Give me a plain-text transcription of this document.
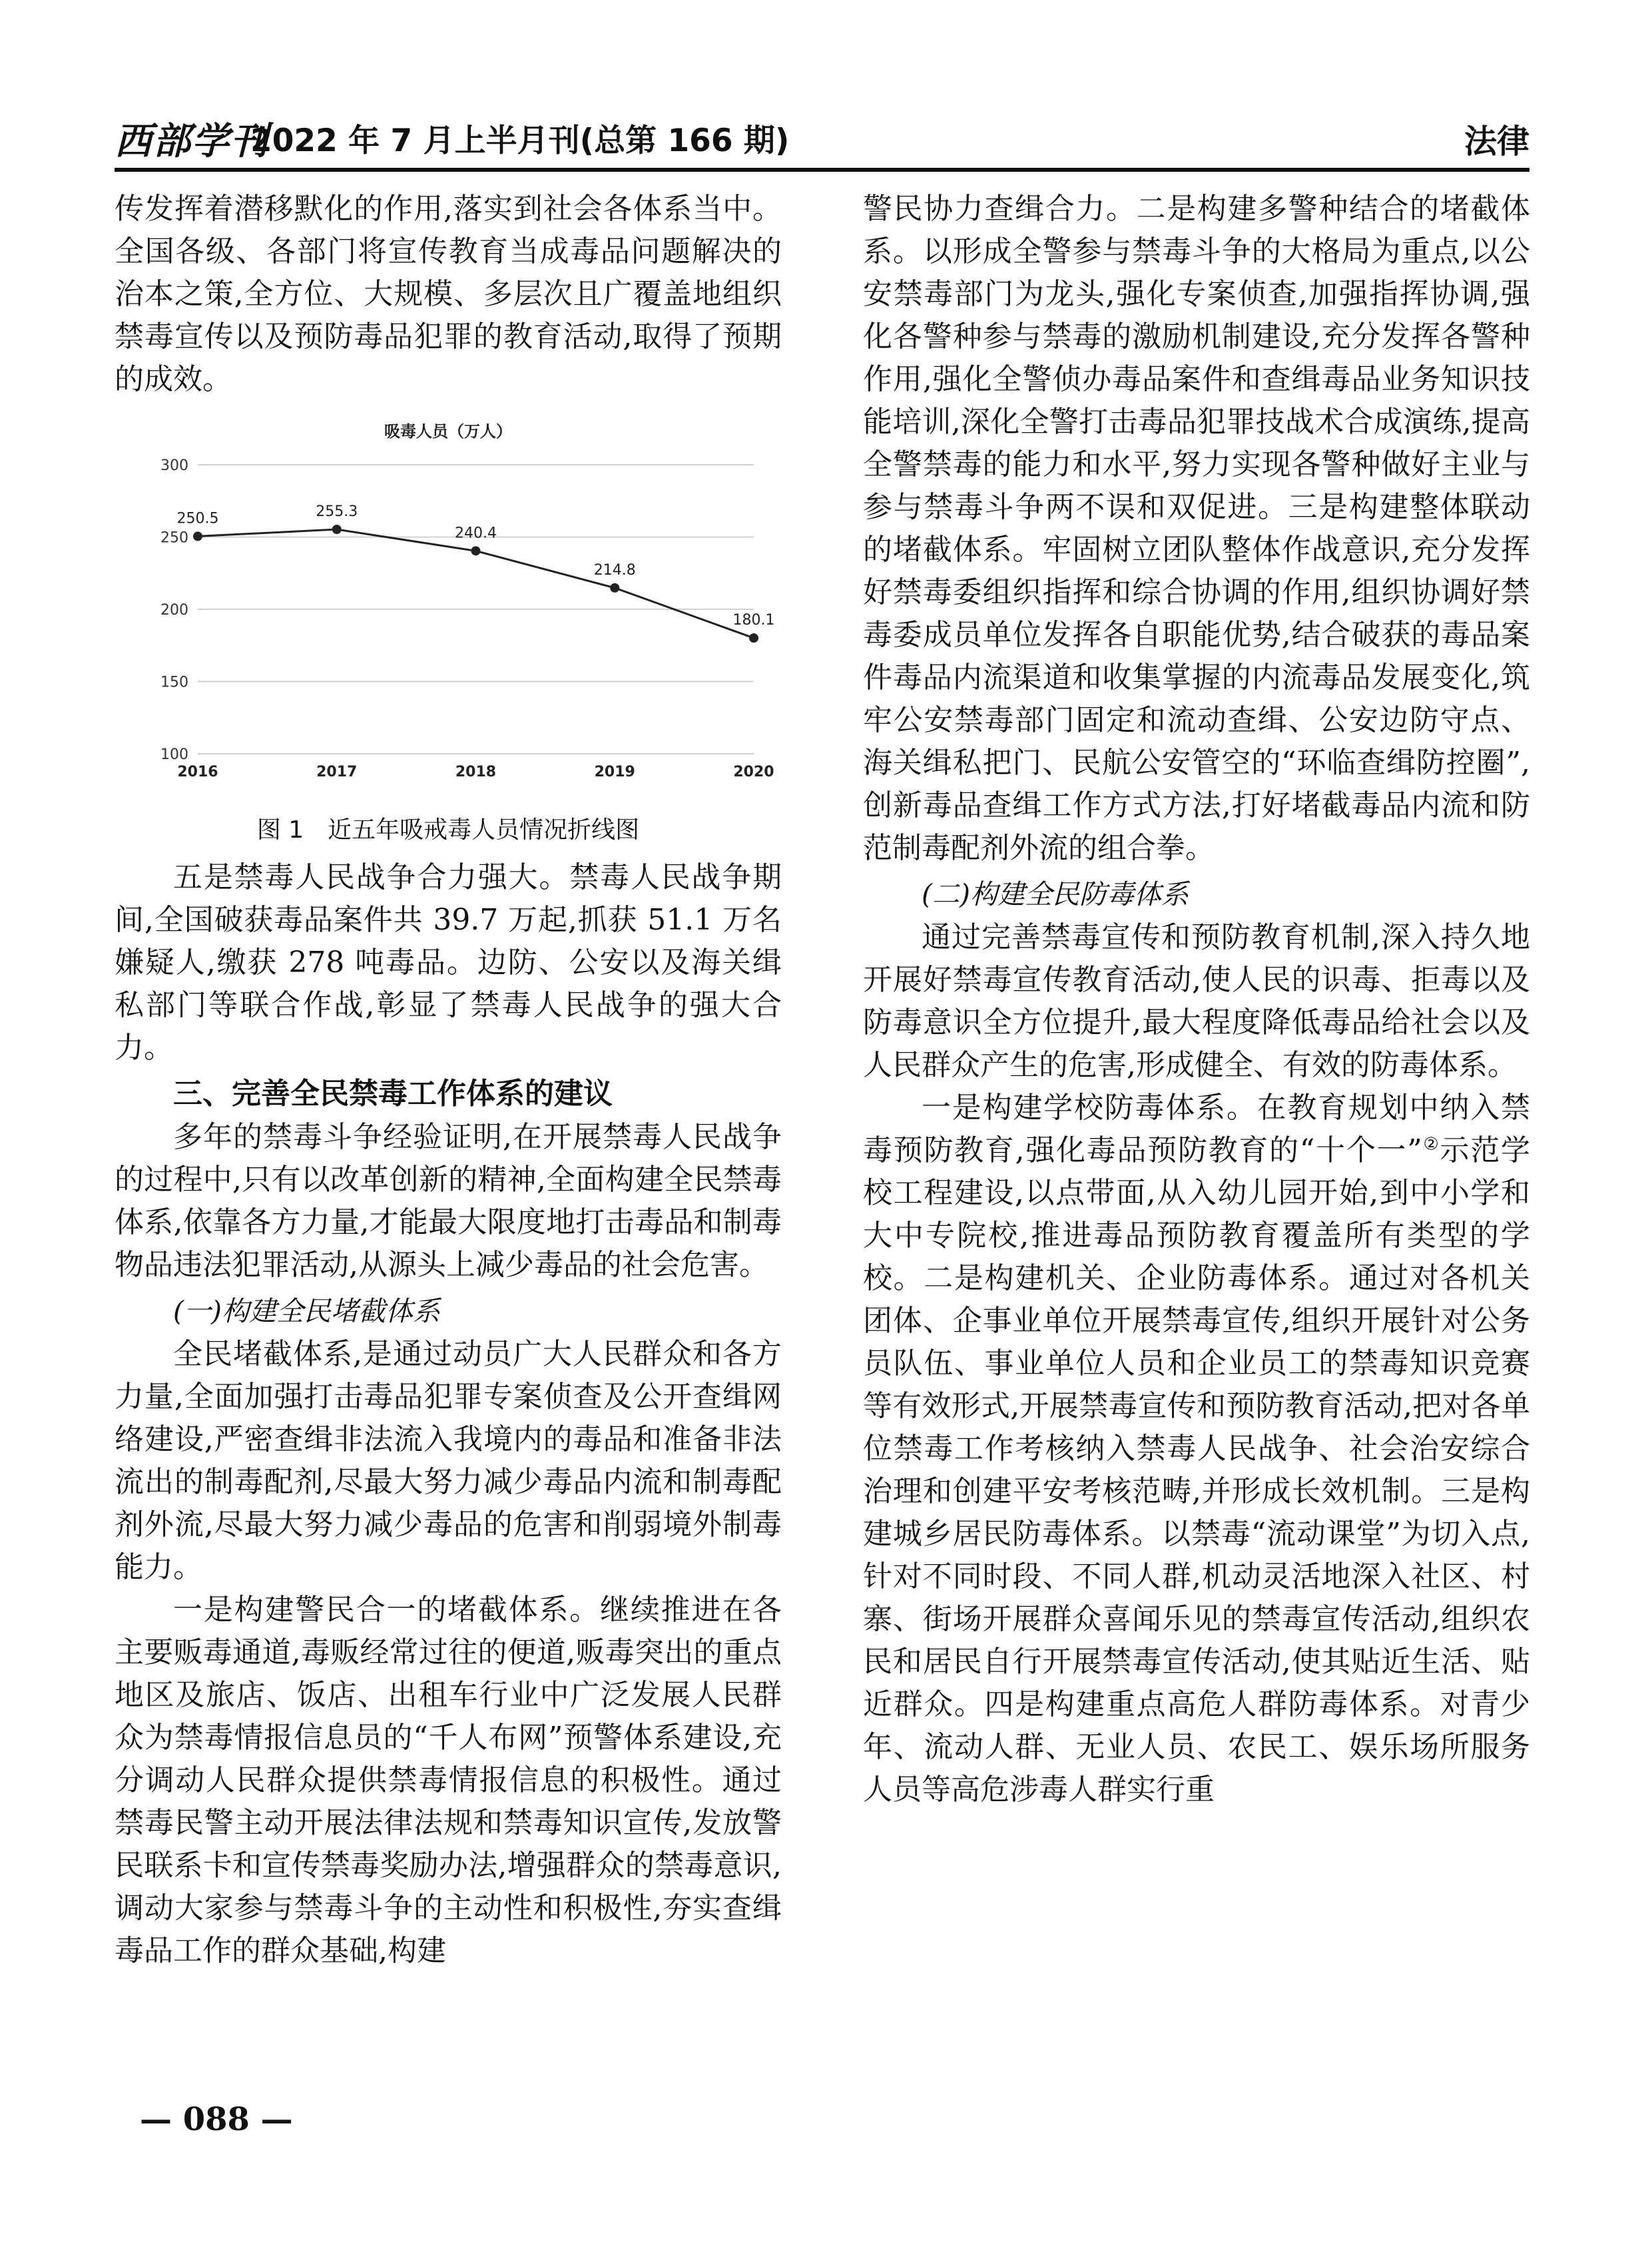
西部学刊
2022 年 7 月上半月刊(总第 166 期)	法律

传发挥着潜移默化的作用,落实到社会各体系当中。全国各级、各部门将宣传教育当成毒品问题解决的治本之策,全方位、大规模、多层次且广覆盖地组织禁毒宣传以及预防毒品犯罪的教育活动,取得了预期的成效。

吸毒人员（万人）
100
150
200
250
300
2016	2017	2018	2019	2020
250.5	255.3
240.4
214.8
180.1
图 1　近五年吸戒毒人员情况折线图

五是禁毒人民战争合力强大。禁毒人民战争期间,全国破获毒品案件共 39.7 万起,抓获 51.1 万名嫌疑人,缴获 278 吨毒品。边防、公安以及海关缉私部门等联合作战,彰显了禁毒人民战争的强大合力。

三、完善全民禁毒工作体系的建议

多年的禁毒斗争经验证明,在开展禁毒人民战争的过程中,只有以改革创新的精神,全面构建全民禁毒体系,依靠各方力量,才能最大限度地打击毒品和制毒物品违法犯罪活动,从源头上减少毒品的社会危害。

(一)构建全民堵截体系

全民堵截体系,是通过动员广大人民群众和各方力量,全面加强打击毒品犯罪专案侦查及公开查缉网络建设,严密查缉非法流入我境内的毒品和准备非法流出的制毒配剂,尽最大努力减少毒品内流和制毒配剂外流,尽最大努力减少毒品的危害和削弱境外制毒能力。

一是构建警民合一的堵截体系。继续推进在各主要贩毒通道,毒贩经常过往的便道,贩毒突出的重点地区及旅店、饭店、出租车行业中广泛发展人民群众为禁毒情报信息员的“千人布网”预警体系建设,充分调动人民群众提供禁毒情报信息的积极性。通过禁毒民警主动开展法律法规和禁毒知识宣传,发放警民联系卡和宣传禁毒奖励办法,增强群众的禁毒意识,调动大家参与禁毒斗争的主动性和积极性,夯实查缉毒品工作的群众基础,构建

警民协力查缉合力。二是构建多警种结合的堵截体系。以形成全警参与禁毒斗争的大格局为重点,以公安禁毒部门为龙头,强化专案侦查,加强指挥协调,强化各警种参与禁毒的激励机制建设,充分发挥各警种作用,强化全警侦办毒品案件和查缉毒品业务知识技能培训,深化全警打击毒品犯罪技战术合成演练,提高全警禁毒的能力和水平,努力实现各警种做好主业与参与禁毒斗争两不误和双促进。三是构建整体联动的堵截体系。牢固树立团队整体作战意识,充分发挥好禁毒委组织指挥和综合协调的作用,组织协调好禁毒委成员单位发挥各自职能优势,结合破获的毒品案件毒品内流渠道和收集掌握的内流毒品发展变化,筑牢公安禁毒部门固定和流动查缉、公安边防守点、海关缉私把门、民航公安管空的“环临查缉防控圈”,创新毒品查缉工作方式方法,打好堵截毒品内流和防范制毒配剂外流的组合拳。

(二)构建全民防毒体系

通过完善禁毒宣传和预防教育机制,深入持久地开展好禁毒宣传教育活动,使人民的识毒、拒毒以及防毒意识全方位提升,最大程度降低毒品给社会以及人民群众产生的危害,形成健全、有效的防毒体系。

一是构建学校防毒体系。在教育规划中纳入禁毒预防教育,强化毒品预防教育的“十个一”②示范学校工程建设,以点带面,从入幼儿园开始,到中小学和大中专院校,推进毒品预防教育覆盖所有类型的学校。二是构建机关、企业防毒体系。通过对各机关团体、企事业单位开展禁毒宣传,组织开展针对公务员队伍、事业单位人员和企业员工的禁毒知识竞赛等有效形式,开展禁毒宣传和预防教育活动,把对各单位禁毒工作考核纳入禁毒人民战争、社会治安综合治理和创建平安考核范畴,并形成长效机制。三是构建城乡居民防毒体系。以禁毒“流动课堂”为切入点,针对不同时段、不同人群,机动灵活地深入社区、村寨、街场开展群众喜闻乐见的禁毒宣传活动,组织农民和居民自行开展禁毒宣传活动,使其贴近生活、贴近群众。四是构建重点高危人群防毒体系。对青少年、流动人群、无业人员、农民工、娱乐场所服务人员等高危涉毒人群实行重

— 088 —
